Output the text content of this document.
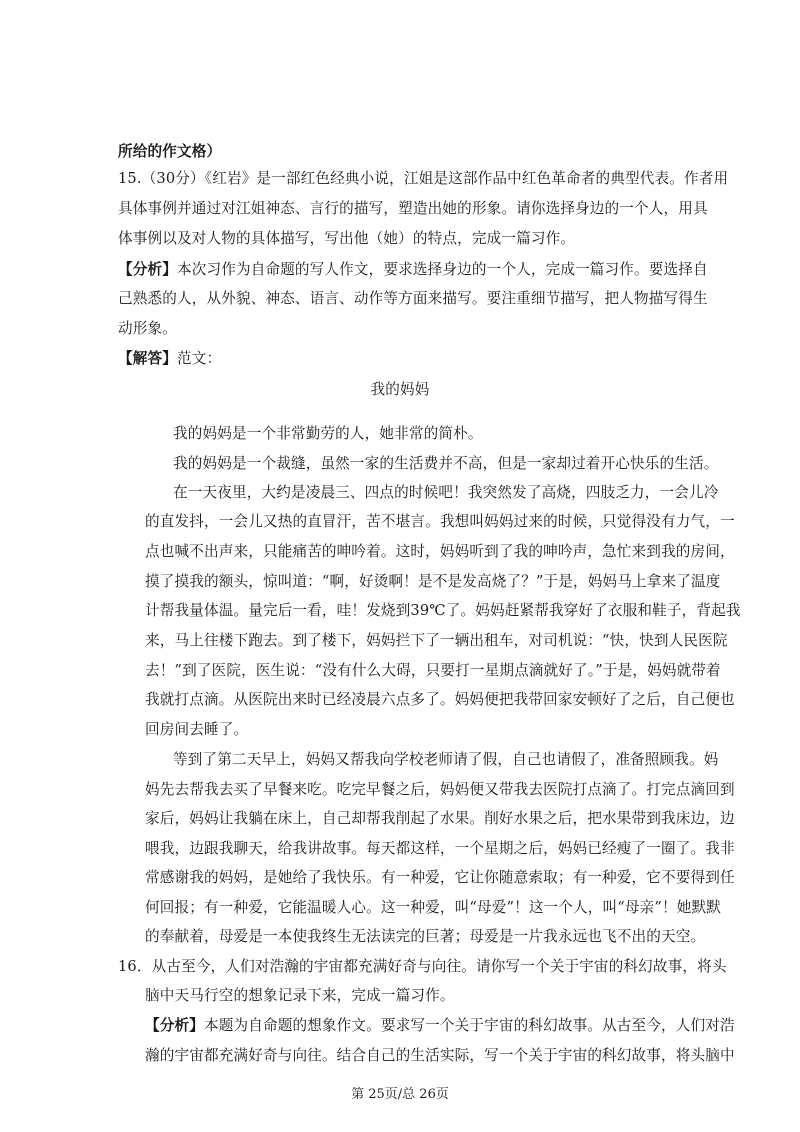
所给的作文格）
15.（30分）《红岩》是一部红色经典小说，江姐是这部作品中红色革命者的典型代表。作者用
具体事例并通过对江姐神态、言行的描写，塑造出她的形象。请你选择身边的一个人，用具
体事例以及对人物的具体描写，写出他（她）的特点，完成一篇习作。
【分析】本次习作为自命题的写人作文，要求选择身边的一个人，完成一篇习作。要选择自
己熟悉的人，从外貌、神态、语言、动作等方面来描写。要注重细节描写，把人物描写得生
动形象。
【解答】范文：
我的妈妈
我的妈妈是一个非常勤劳的人，她非常的简朴。
我的妈妈是一个裁缝，虽然一家的生活费并不高，但是一家却过着开心快乐的生活。
在一天夜里，大约是凌晨三、四点的时候吧！我突然发了高烧，四肢乏力，一会儿冷
的直发抖，一会儿又热的直冒汗，苦不堪言。我想叫妈妈过来的时候，只觉得没有力气，一
点也喊不出声来，只能痛苦的呻吟着。这时，妈妈听到了我的呻吟声，急忙来到我的房间，
摸了摸我的额头，惊叫道：“啊，好烫啊！是不是发高烧了？”于是，妈妈马上拿来了温度
计帮我量体温。量完后一看，哇！发烧到39℃了。妈妈赶紧帮我穿好了衣服和鞋子，背起我
来，马上往楼下跑去。到了楼下，妈妈拦下了一辆出租车，对司机说：“快，快到人民医院
去！”到了医院，医生说：“没有什么大碍，只要打一星期点滴就好了。”于是，妈妈就带着
我就打点滴。从医院出来时已经凌晨六点多了。妈妈便把我带回家安顿好了之后，自己便也
回房间去睡了。
等到了第二天早上，妈妈又帮我向学校老师请了假，自己也请假了，准备照顾我。妈
妈先去帮我去买了早餐来吃。吃完早餐之后，妈妈便又带我去医院打点滴了。打完点滴回到
家后，妈妈让我躺在床上，自己却帮我削起了水果。削好水果之后，把水果带到我床边，边
喂我，边跟我聊天，给我讲故事。每天都这样，一个星期之后，妈妈已经瘦了一圈了。我非
常感谢我的妈妈，是她给了我快乐。有一种爱，它让你随意索取；有一种爱，它不要得到任
何回报；有一种爱，它能温暖人心。这一种爱，叫“母爱”！这一个人，叫“母亲”！她默默
的奉献着，母爱是一本使我终生无法读完的巨著；母爱是一片我永远也飞不出的天空。
16．从古至今，人们对浩瀚的宇宙都充满好奇与向往。请你写一个关于宇宙的科幻故事，将头
脑中天马行空的想象记录下来，完成一篇习作。
【分析】本题为自命题的想象作文。要求写一个关于宇宙的科幻故事。从古至今，人们对浩
瀚的宇宙都充满好奇与向往。结合自己的生活实际，写一个关于宇宙的科幻故事，将头脑中
第 25页/总 26页
